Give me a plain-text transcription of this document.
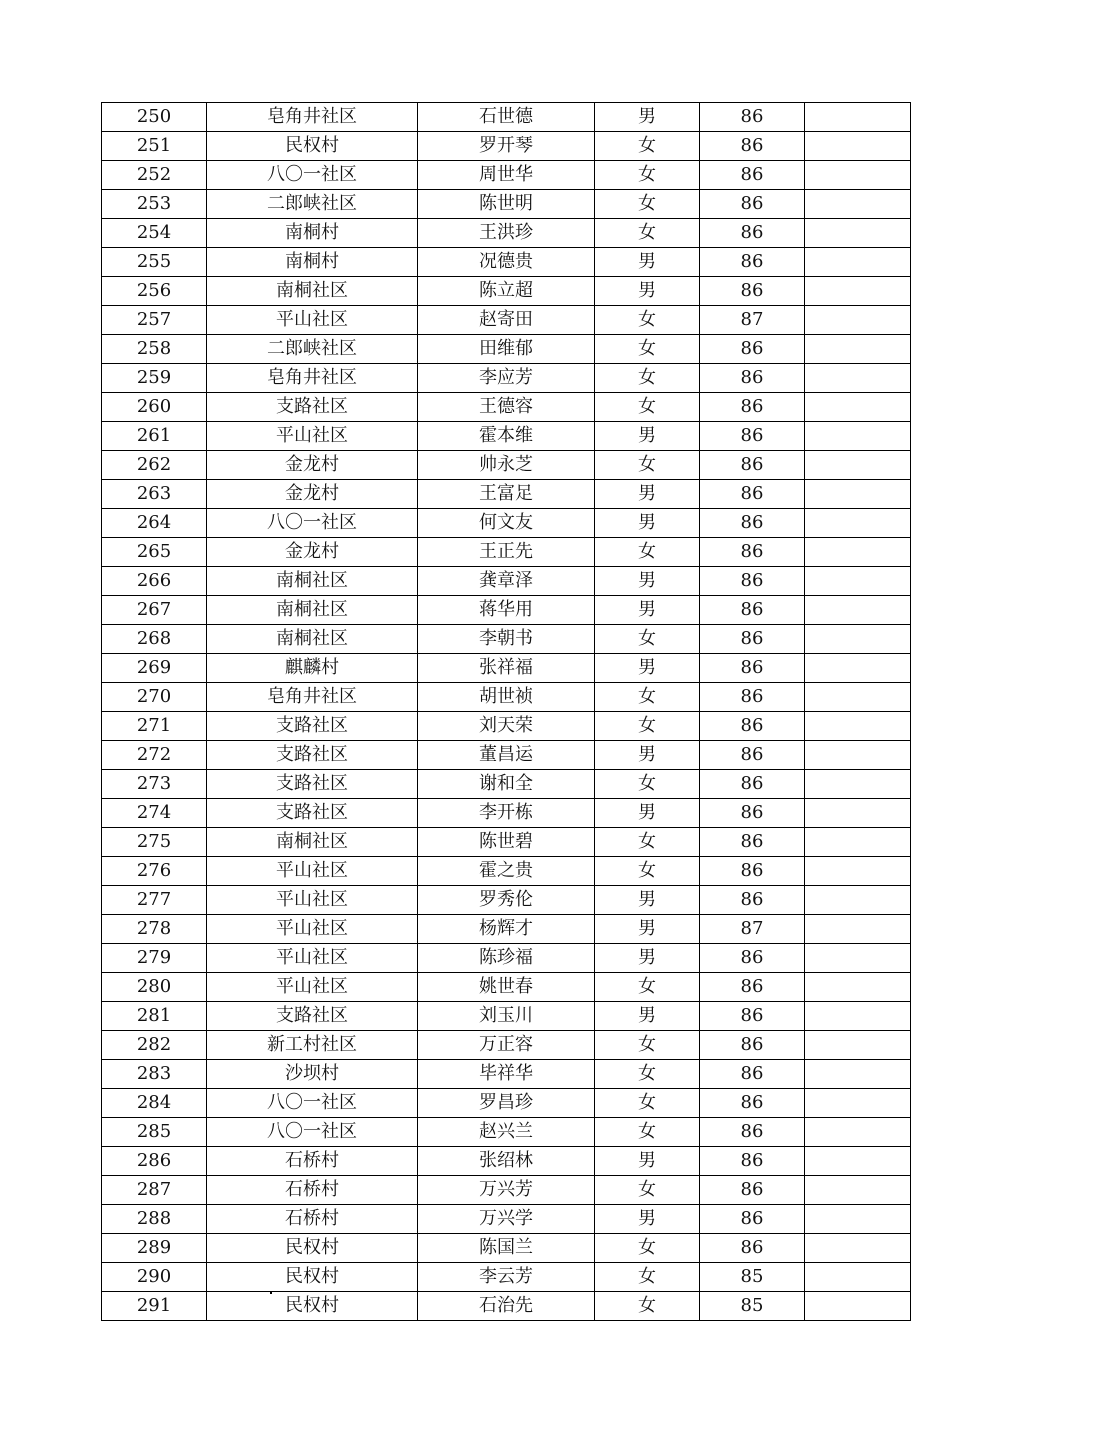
250	皂角井社区	石世德	男	86	
251	民权村	罗开琴	女	86	
252	八〇一社区	周世华	女	86	
253	二郎峡社区	陈世明	女	86	
254	南桐村	王洪珍	女	86	
255	南桐村	况德贵	男	86	
256	南桐社区	陈立超	男	86	
257	平山社区	赵寄田	女	87	
258	二郎峡社区	田维郁	女	86	
259	皂角井社区	李应芳	女	86	
260	支路社区	王德容	女	86	
261	平山社区	霍本维	男	86	
262	金龙村	帅永芝	女	86	
263	金龙村	王富足	男	86	
264	八〇一社区	何文友	男	86	
265	金龙村	王正先	女	86	
266	南桐社区	龚章泽	男	86	
267	南桐社区	蒋华用	男	86	
268	南桐社区	李朝书	女	86	
269	麒麟村	张祥福	男	86	
270	皂角井社区	胡世祯	女	86	
271	支路社区	刘天荣	女	86	
272	支路社区	董昌运	男	86	
273	支路社区	谢和全	女	86	
274	支路社区	李开栋	男	86	
275	南桐社区	陈世碧	女	86	
276	平山社区	霍之贵	女	86	
277	平山社区	罗秀伦	男	86	
278	平山社区	杨辉才	男	87	
279	平山社区	陈珍福	男	86	
280	平山社区	姚世春	女	86	
281	支路社区	刘玉川	男	86	
282	新工村社区	万正容	女	86	
283	沙坝村	毕祥华	女	86	
284	八〇一社区	罗昌珍	女	86	
285	八〇一社区	赵兴兰	女	86	
286	石桥村	张绍林	男	86	
287	石桥村	万兴芳	女	86	
288	石桥村	万兴学	男	86	
289	民权村	陈国兰	女	86	
290	民权村	李云芳	女	85	
291	民权村	石治先	女	85	
